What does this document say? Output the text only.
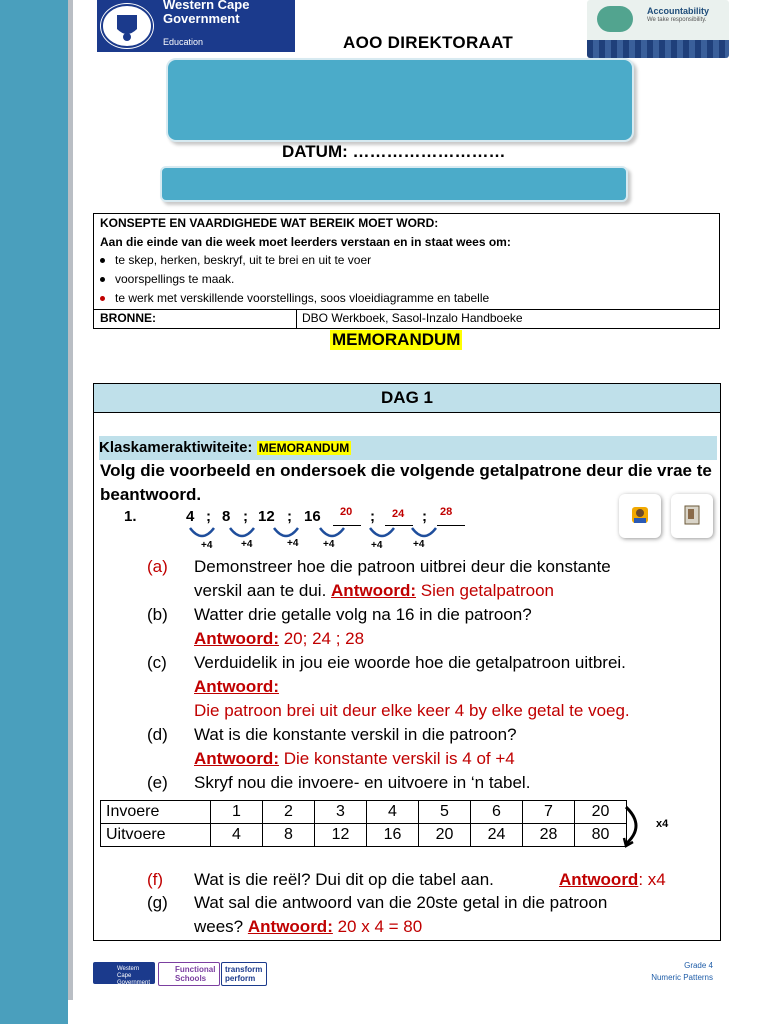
Western Cape
Government
Education	AOO DIREKTORAAT
Accountability
We take responsibility.
DATUM: ………………………
KONSEPTE EN VAARDIGHEDE WAT BEREIK MOET WORD:
Aan die einde van die week moet leerders verstaan en in staat wees om:
te skep, herken, beskryf, uit te brei en uit te voer
voorspellings te maak.
te werk met verskillende voorstellings, soos vloeidiagramme en tabelle
BRONNE:	DBO Werkboek, Sasol-Inzalo Handboeke
MEMORANDUM
DAG 1
Klaskameraktiwiteite: MEMORANDUM
Volg die voorbeeld en ondersoek die volgende getalpatrone deur die vrae te beantwoord.
1.	4 ; 8 ; 12 ; 16 20 ; 24 ; 28
+4	+4	+4 +4	+4	+4
(a) Demonstreer hoe die patroon uitbrei deur die konstante
verskil aan te dui. Antwoord: Sien getalpatroon
(b) Watter drie getalle volg na 16 in die patroon?
Antwoord: 20; 24 ; 28
(c) Verduidelik in jou eie woorde hoe die getalpatroon uitbrei.
Antwoord:
Die patroon brei uit deur elke keer 4 by elke getal te voeg.
(d) Wat is die konstante verskil in die patroon?
Antwoord: Die konstante verskil is 4 of +4
(e) Skryf nou die invoere- en uitvoere in ‘n tabel.
Invoere	1	2	3	4	5	6	7	20
Uitvoere	4	8	12	16	20	24	28	80
x4
(f) Wat is die reël? Dui dit op die tabel aan.	Antwoord: x4
(g) Wat sal die antwoord van die 20ste getal in die patroon
wees? Antwoord: 20 x 4 = 80
Western Cape Government
Functional Schools
transform perform
Grade 4
Numeric Patterns
